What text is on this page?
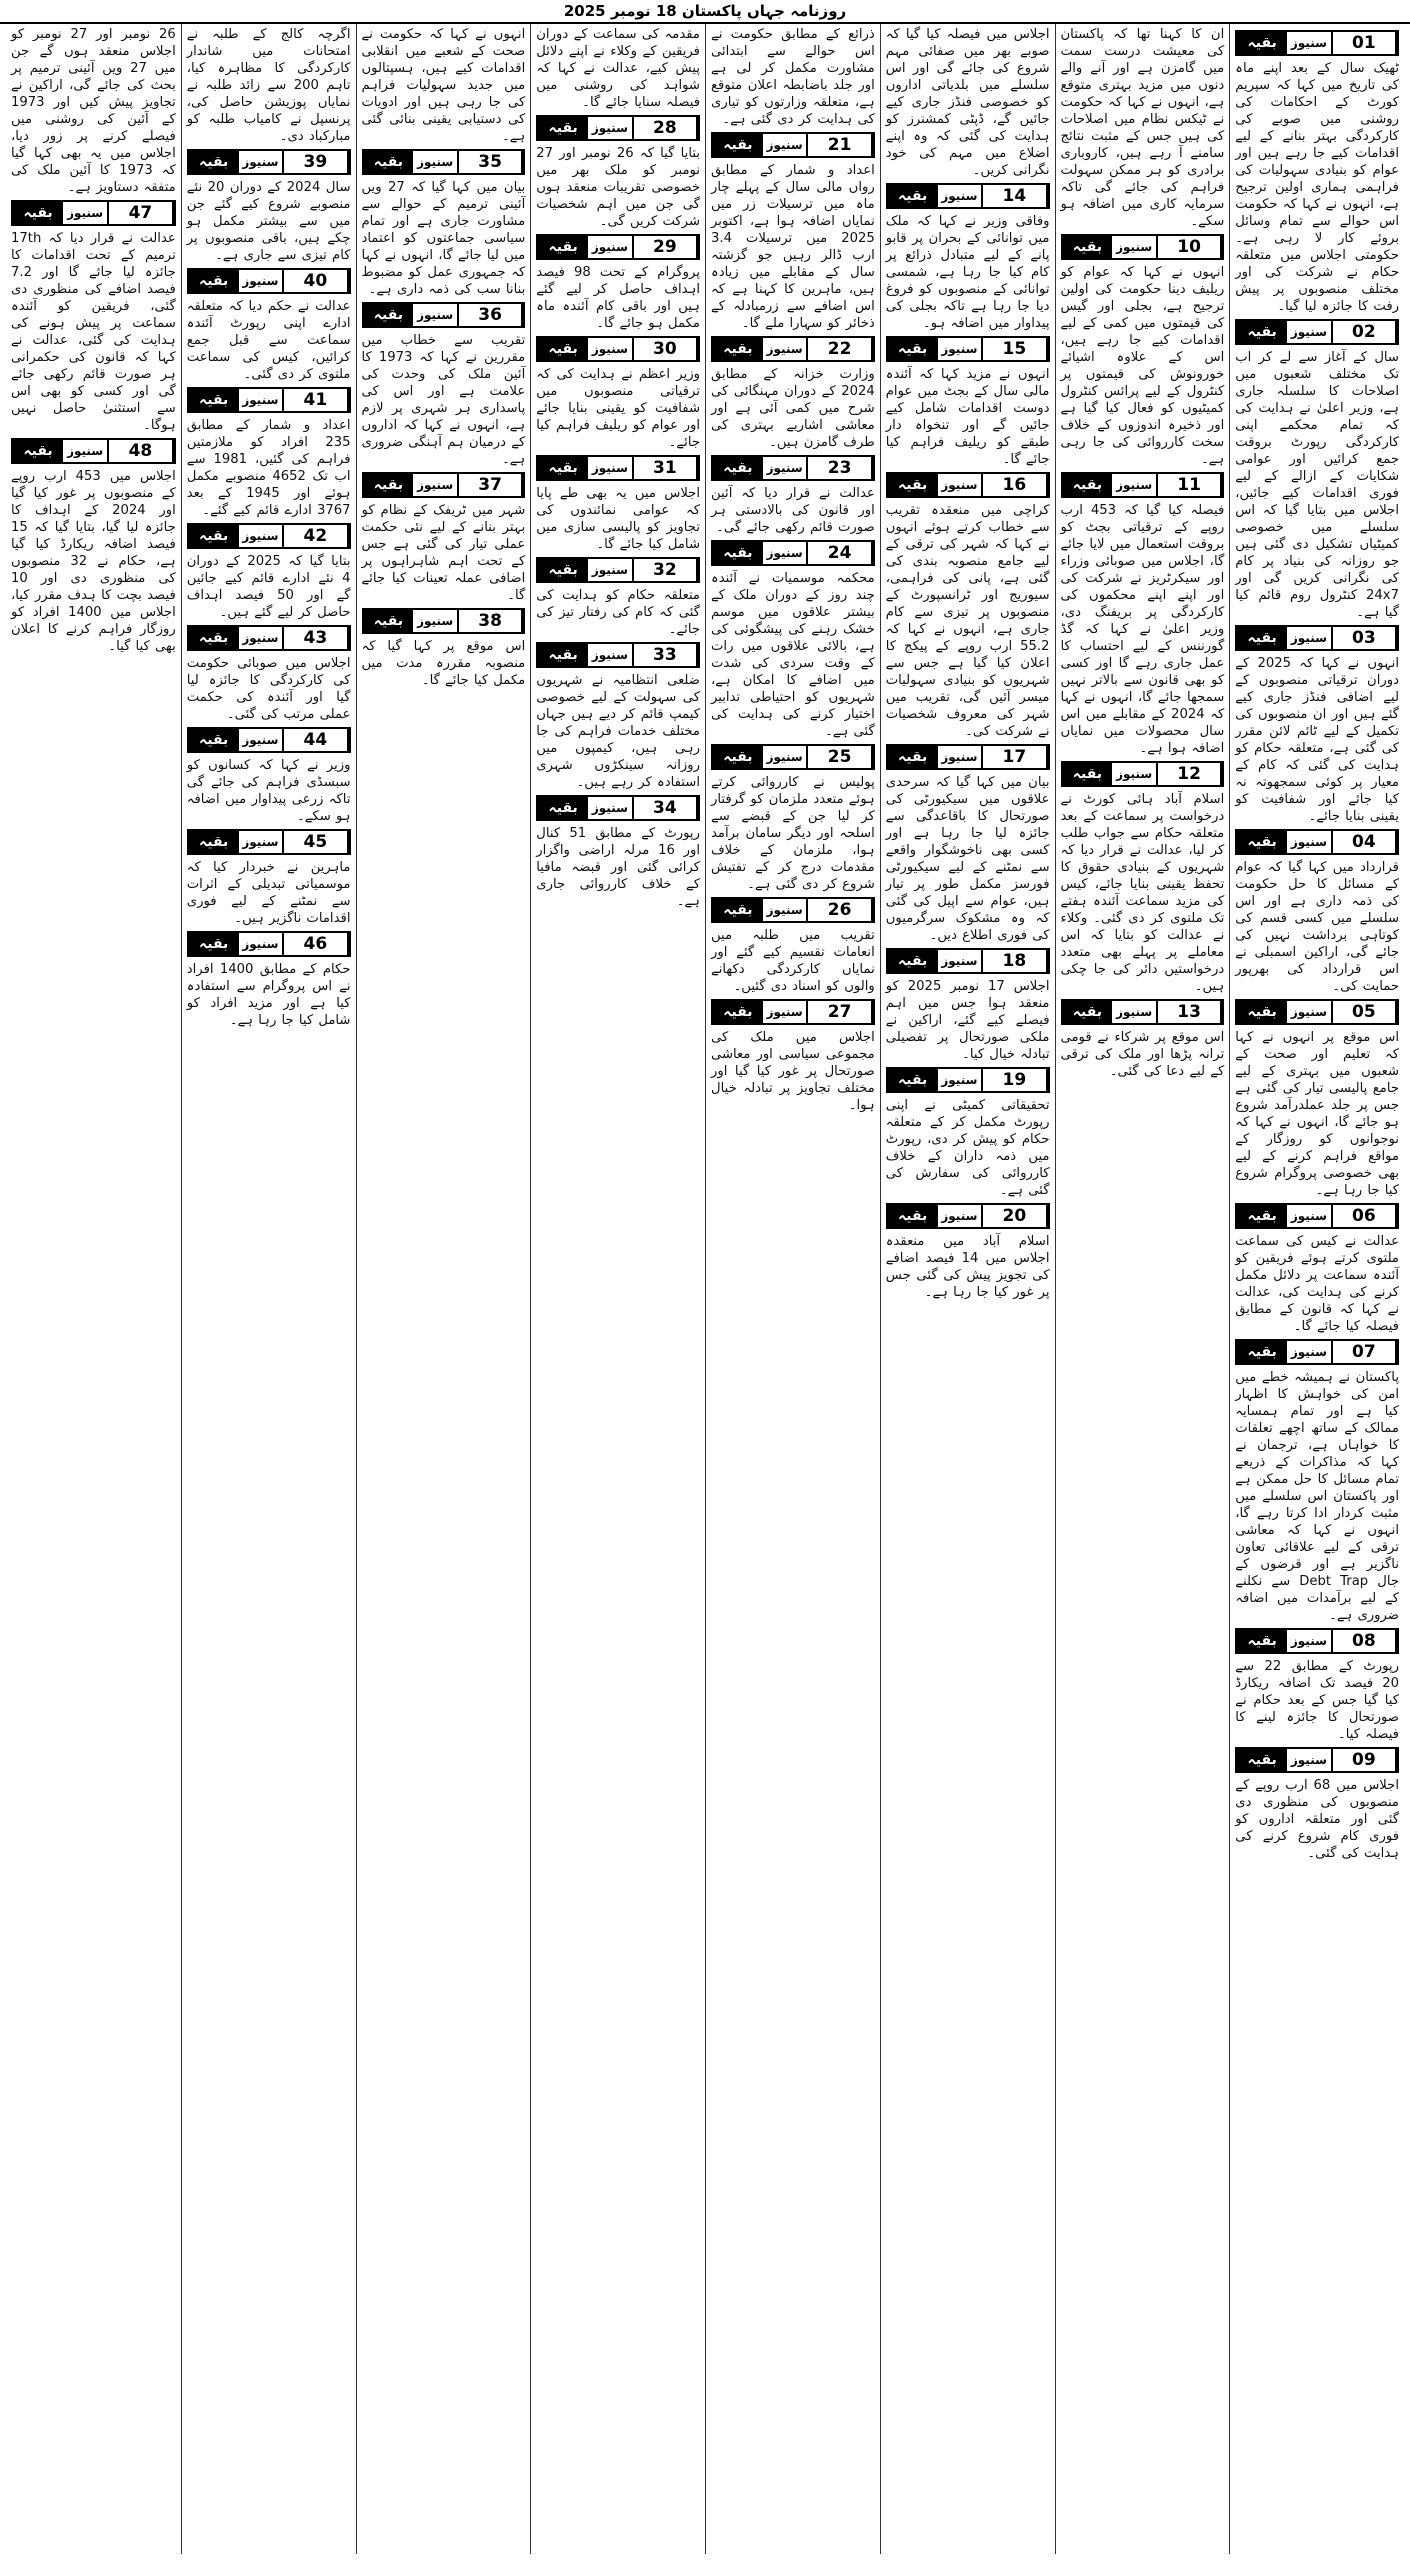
روزنامہ جہاں پاکستان 18 نومبر 2025
01
سنیوز
بقیہ

ٹھیک سال کے بعد اپنے ماہ کی تاریخ میں کہا کہ سپریم کورٹ کے احکامات کی روشنی میں صوبے کی کارکردگی بہتر بنانے کے لیے اقدامات کیے جا رہے ہیں اور عوام کو بنیادی سہولیات کی فراہمی ہماری اولین ترجیح ہے، انہوں نے کہا کہ حکومت اس حوالے سے تمام وسائل بروئے کار لا رہی ہے۔ حکومتی اجلاس میں متعلقہ حکام نے شرکت کی اور مختلف منصوبوں پر پیش رفت کا جائزہ لیا گیا۔

02
سنیوز
بقیہ

سال کے آغاز سے لے کر اب تک مختلف شعبوں میں اصلاحات کا سلسلہ جاری ہے، وزیر اعلیٰ نے ہدایت کی کہ تمام محکمے اپنی کارکردگی رپورٹ بروقت جمع کرائیں اور عوامی شکایات کے ازالے کے لیے فوری اقدامات کیے جائیں، اجلاس میں بتایا گیا کہ اس سلسلے میں خصوصی کمیٹیاں تشکیل دی گئی ہیں جو روزانہ کی بنیاد پر کام کی نگرانی کریں گی اور 24x7 کنٹرول روم قائم کیا گیا ہے۔

03
سنیوز
بقیہ

انہوں نے کہا کہ 2025 کے دوران ترقیاتی منصوبوں کے لیے اضافی فنڈز جاری کیے گئے ہیں اور ان منصوبوں کی تکمیل کے لیے ٹائم لائن مقرر کی گئی ہے، متعلقہ حکام کو ہدایت کی گئی کہ کام کے معیار پر کوئی سمجھوتہ نہ کیا جائے اور شفافیت کو یقینی بنایا جائے۔

04
سنیوز
بقیہ

قرارداد میں کہا گیا کہ عوام کے مسائل کا حل حکومت کی ذمہ داری ہے اور اس سلسلے میں کسی قسم کی کوتاہی برداشت نہیں کی جائے گی، اراکین اسمبلی نے اس قرارداد کی بھرپور حمایت کی۔

05
سنیوز
بقیہ

اس موقع پر انہوں نے کہا کہ تعلیم اور صحت کے شعبوں میں بہتری کے لیے جامع پالیسی تیار کی گئی ہے جس پر جلد عملدرآمد شروع ہو جائے گا، انہوں نے کہا کہ نوجوانوں کو روزگار کے مواقع فراہم کرنے کے لیے بھی خصوصی پروگرام شروع کیا جا رہا ہے۔

06
سنیوز
بقیہ

عدالت نے کیس کی سماعت ملتوی کرتے ہوئے فریقین کو آئندہ سماعت پر دلائل مکمل کرنے کی ہدایت کی، عدالت نے کہا کہ قانون کے مطابق فیصلہ کیا جائے گا۔

07
سنیوز
بقیہ

پاکستان نے ہمیشہ خطے میں امن کی خواہش کا اظہار کیا ہے اور تمام ہمسایہ ممالک کے ساتھ اچھے تعلقات کا خواہاں ہے، ترجمان نے کہا کہ مذاکرات کے ذریعے تمام مسائل کا حل ممکن ہے اور پاکستان اس سلسلے میں مثبت کردار ادا کرتا رہے گا، انہوں نے کہا کہ معاشی ترقی کے لیے علاقائی تعاون ناگزیر ہے اور قرضوں کے جال Debt Trap سے نکلنے کے لیے برآمدات میں اضافہ ضروری ہے۔

08
سنیوز
بقیہ

رپورٹ کے مطابق 22 سے 20 فیصد تک اضافہ ریکارڈ کیا گیا جس کے بعد حکام نے صورتحال کا جائزہ لینے کا فیصلہ کیا۔

09
سنیوز
بقیہ

اجلاس میں 68 ارب روپے کے منصوبوں کی منظوری دی گئی اور متعلقہ اداروں کو فوری کام شروع کرنے کی ہدایت کی گئی۔

ان کا کہنا تھا کہ پاکستان کی معیشت درست سمت میں گامزن ہے اور آنے والے دنوں میں مزید بہتری متوقع ہے، انہوں نے کہا کہ حکومت نے ٹیکس نظام میں اصلاحات کی ہیں جس کے مثبت نتائج سامنے آ رہے ہیں، کاروباری برادری کو ہر ممکن سہولت فراہم کی جائے گی تاکہ سرمایہ کاری میں اضافہ ہو سکے۔

10
سنیوز
بقیہ

انہوں نے کہا کہ عوام کو ریلیف دینا حکومت کی اولین ترجیح ہے، بجلی اور گیس کی قیمتوں میں کمی کے لیے اقدامات کیے جا رہے ہیں، اس کے علاوہ اشیائے خورونوش کی قیمتوں پر کنٹرول کے لیے پرائس کنٹرول کمیٹیوں کو فعال کیا گیا ہے اور ذخیرہ اندوزوں کے خلاف سخت کارروائی کی جا رہی ہے۔

11
سنیوز
بقیہ

فیصلہ کیا گیا کہ 453 ارب روپے کے ترقیاتی بجٹ کو بروقت استعمال میں لایا جائے گا، اجلاس میں صوبائی وزراء اور سیکرٹریز نے شرکت کی اور اپنے اپنے محکموں کی کارکردگی پر بریفنگ دی، وزیر اعلیٰ نے کہا کہ گڈ گورننس کے لیے احتساب کا عمل جاری رہے گا اور کسی کو بھی قانون سے بالاتر نہیں سمجھا جائے گا، انہوں نے کہا کہ 2024 کے مقابلے میں اس سال محصولات میں نمایاں اضافہ ہوا ہے۔

12
سنیوز
بقیہ

اسلام آباد ہائی کورٹ نے درخواست پر سماعت کے بعد متعلقہ حکام سے جواب طلب کر لیا، عدالت نے قرار دیا کہ شہریوں کے بنیادی حقوق کا تحفظ یقینی بنایا جائے، کیس کی مزید سماعت آئندہ ہفتے تک ملتوی کر دی گئی۔ وکلاء نے عدالت کو بتایا کہ اس معاملے پر پہلے بھی متعدد درخواستیں دائر کی جا چکی ہیں۔

13
سنیوز
بقیہ

اس موقع پر شرکاء نے قومی ترانہ پڑھا اور ملک کی ترقی کے لیے دعا کی گئی۔

اجلاس میں فیصلہ کیا گیا کہ صوبے بھر میں صفائی مہم شروع کی جائے گی اور اس سلسلے میں بلدیاتی اداروں کو خصوصی فنڈز جاری کیے جائیں گے، ڈپٹی کمشنرز کو ہدایت کی گئی کہ وہ اپنے اضلاع میں مہم کی خود نگرانی کریں۔

14
سنیوز
بقیہ

وفاقی وزیر نے کہا کہ ملک میں توانائی کے بحران پر قابو پانے کے لیے متبادل ذرائع پر کام کیا جا رہا ہے، شمسی توانائی کے منصوبوں کو فروغ دیا جا رہا ہے تاکہ بجلی کی پیداوار میں اضافہ ہو۔

15
سنیوز
بقیہ

انہوں نے مزید کہا کہ آئندہ مالی سال کے بجٹ میں عوام دوست اقدامات شامل کیے جائیں گے اور تنخواہ دار طبقے کو ریلیف فراہم کیا جائے گا۔

16
سنیوز
بقیہ

کراچی میں منعقدہ تقریب سے خطاب کرتے ہوئے انہوں نے کہا کہ شہر کی ترقی کے لیے جامع منصوبہ بندی کی گئی ہے، پانی کی فراہمی، سیوریج اور ٹرانسپورٹ کے منصوبوں پر تیزی سے کام جاری ہے، انہوں نے کہا کہ 55.2 ارب روپے کے پیکج کا اعلان کیا گیا ہے جس سے شہریوں کو بنیادی سہولیات میسر آئیں گی، تقریب میں شہر کی معروف شخصیات نے شرکت کی۔

17
سنیوز
بقیہ

بیان میں کہا گیا کہ سرحدی علاقوں میں سیکیورٹی کی صورتحال کا باقاعدگی سے جائزہ لیا جا رہا ہے اور کسی بھی ناخوشگوار واقعے سے نمٹنے کے لیے سیکیورٹی فورسز مکمل طور پر تیار ہیں، عوام سے اپیل کی گئی کہ وہ مشکوک سرگرمیوں کی فوری اطلاع دیں۔

18
سنیوز
بقیہ

اجلاس 17 نومبر 2025 کو منعقد ہوا جس میں اہم فیصلے کیے گئے، اراکین نے ملکی صورتحال پر تفصیلی تبادلہ خیال کیا۔

19
سنیوز
بقیہ

تحقیقاتی کمیٹی نے اپنی رپورٹ مکمل کر کے متعلقہ حکام کو پیش کر دی، رپورٹ میں ذمہ داران کے خلاف کارروائی کی سفارش کی گئی ہے۔

20
سنیوز
بقیہ

اسلام آباد میں منعقدہ اجلاس میں 14 فیصد اضافے کی تجویز پیش کی گئی جس پر غور کیا جا رہا ہے۔

ذرائع کے مطابق حکومت نے اس حوالے سے ابتدائی مشاورت مکمل کر لی ہے اور جلد باضابطہ اعلان متوقع ہے، متعلقہ وزارتوں کو تیاری کی ہدایت کر دی گئی ہے۔

21
سنیوز
بقیہ

اعداد و شمار کے مطابق رواں مالی سال کے پہلے چار ماہ میں ترسیلات زر میں نمایاں اضافہ ہوا ہے، اکتوبر 2025 میں ترسیلات 3.4 ارب ڈالر رہیں جو گزشتہ سال کے مقابلے میں زیادہ ہیں، ماہرین کا کہنا ہے کہ اس اضافے سے زرمبادلہ کے ذخائر کو سہارا ملے گا۔

22
سنیوز
بقیہ

وزارت خزانہ کے مطابق 2024 کے دوران مہنگائی کی شرح میں کمی آئی ہے اور معاشی اشاریے بہتری کی طرف گامزن ہیں۔

23
سنیوز
بقیہ

عدالت نے قرار دیا کہ آئین اور قانون کی بالادستی ہر صورت قائم رکھی جائے گی۔

24
سنیوز
بقیہ

محکمہ موسمیات نے آئندہ چند روز کے دوران ملک کے بیشتر علاقوں میں موسم خشک رہنے کی پیشگوئی کی ہے، بالائی علاقوں میں رات کے وقت سردی کی شدت میں اضافے کا امکان ہے، شہریوں کو احتیاطی تدابیر اختیار کرنے کی ہدایت کی گئی ہے۔

25
سنیوز
بقیہ

پولیس نے کارروائی کرتے ہوئے متعدد ملزمان کو گرفتار کر لیا جن کے قبضے سے اسلحہ اور دیگر سامان برآمد ہوا، ملزمان کے خلاف مقدمات درج کر کے تفتیش شروع کر دی گئی ہے۔

26
سنیوز
بقیہ

تقریب میں طلبہ میں انعامات تقسیم کیے گئے اور نمایاں کارکردگی دکھانے والوں کو اسناد دی گئیں۔

27
سنیوز
بقیہ

اجلاس میں ملک کی مجموعی سیاسی اور معاشی صورتحال پر غور کیا گیا اور مختلف تجاویز پر تبادلہ خیال ہوا۔

مقدمہ کی سماعت کے دوران فریقین کے وکلاء نے اپنے دلائل پیش کیے، عدالت نے کہا کہ شواہد کی روشنی میں فیصلہ سنایا جائے گا۔

28
سنیوز
بقیہ

بتایا گیا کہ 26 نومبر اور 27 نومبر کو ملک بھر میں خصوصی تقریبات منعقد ہوں گی جن میں اہم شخصیات شرکت کریں گی۔

29
سنیوز
بقیہ

پروگرام کے تحت 98 فیصد اہداف حاصل کر لیے گئے ہیں اور باقی کام آئندہ ماہ مکمل ہو جائے گا۔

30
سنیوز
بقیہ

وزیر اعظم نے ہدایت کی کہ ترقیاتی منصوبوں میں شفافیت کو یقینی بنایا جائے اور عوام کو ریلیف فراہم کیا جائے۔

31
سنیوز
بقیہ

اجلاس میں یہ بھی طے پایا کہ عوامی نمائندوں کی تجاویز کو پالیسی سازی میں شامل کیا جائے گا۔

32
سنیوز
بقیہ

متعلقہ حکام کو ہدایت کی گئی کہ کام کی رفتار تیز کی جائے۔

33
سنیوز
بقیہ

ضلعی انتظامیہ نے شہریوں کی سہولت کے لیے خصوصی کیمپ قائم کر دیے ہیں جہاں مختلف خدمات فراہم کی جا رہی ہیں، کیمپوں میں روزانہ سینکڑوں شہری استفادہ کر رہے ہیں۔

34
سنیوز
بقیہ

رپورٹ کے مطابق 51 کنال اور 16 مرلہ اراضی واگزار کرائی گئی اور قبضہ مافیا کے خلاف کارروائی جاری ہے۔

انہوں نے کہا کہ حکومت نے صحت کے شعبے میں انقلابی اقدامات کیے ہیں، ہسپتالوں میں جدید سہولیات فراہم کی جا رہی ہیں اور ادویات کی دستیابی یقینی بنائی گئی ہے۔

35
سنیوز
بقیہ

بیان میں کہا گیا کہ 27 ویں آئینی ترمیم کے حوالے سے مشاورت جاری ہے اور تمام سیاسی جماعتوں کو اعتماد میں لیا جائے گا، انہوں نے کہا کہ جمہوری عمل کو مضبوط بنانا سب کی ذمہ داری ہے۔

36
سنیوز
بقیہ

تقریب سے خطاب میں مقررین نے کہا کہ 1973 کا آئین ملک کی وحدت کی علامت ہے اور اس کی پاسداری ہر شہری پر لازم ہے، انہوں نے کہا کہ اداروں کے درمیان ہم آہنگی ضروری ہے۔

37
سنیوز
بقیہ

شہر میں ٹریفک کے نظام کو بہتر بنانے کے لیے نئی حکمت عملی تیار کی گئی ہے جس کے تحت اہم شاہراہوں پر اضافی عملہ تعینات کیا جائے گا۔

38
سنیوز
بقیہ

اس موقع پر کہا گیا کہ منصوبہ مقررہ مدت میں مکمل کیا جائے گا۔

اگرچہ کالج کے طلبہ نے امتحانات میں شاندار کارکردگی کا مظاہرہ کیا، تاہم 200 سے زائد طلبہ نے نمایاں پوزیشن حاصل کی، پرنسپل نے کامیاب طلبہ کو مبارکباد دی۔

39
سنیوز
بقیہ

سال 2024 کے دوران 20 نئے منصوبے شروع کیے گئے جن میں سے بیشتر مکمل ہو چکے ہیں، باقی منصوبوں پر کام تیزی سے جاری ہے۔

40
سنیوز
بقیہ

عدالت نے حکم دیا کہ متعلقہ ادارے اپنی رپورٹ آئندہ سماعت سے قبل جمع کرائیں، کیس کی سماعت ملتوی کر دی گئی۔

41
سنیوز
بقیہ

اعداد و شمار کے مطابق 235 افراد کو ملازمتیں فراہم کی گئیں، 1981 سے اب تک 4652 منصوبے مکمل ہوئے اور 1945 کے بعد 3767 ادارے قائم کیے گئے۔

42
سنیوز
بقیہ

بتایا گیا کہ 2025 کے دوران 4 نئے ادارے قائم کیے جائیں گے اور 50 فیصد اہداف حاصل کر لیے گئے ہیں۔

43
سنیوز
بقیہ

اجلاس میں صوبائی حکومت کی کارکردگی کا جائزہ لیا گیا اور آئندہ کی حکمت عملی مرتب کی گئی۔

44
سنیوز
بقیہ

وزیر نے کہا کہ کسانوں کو سبسڈی فراہم کی جائے گی تاکہ زرعی پیداوار میں اضافہ ہو سکے۔

45
سنیوز
بقیہ

ماہرین نے خبردار کیا کہ موسمیاتی تبدیلی کے اثرات سے نمٹنے کے لیے فوری اقدامات ناگزیر ہیں۔

46
سنیوز
بقیہ

حکام کے مطابق 1400 افراد نے اس پروگرام سے استفادہ کیا ہے اور مزید افراد کو شامل کیا جا رہا ہے۔

26 نومبر اور 27 نومبر کو اجلاس منعقد ہوں گے جن میں 27 ویں آئینی ترمیم پر بحث کی جائے گی، اراکین نے تجاویز پیش کیں اور 1973 کے آئین کی روشنی میں فیصلے کرنے پر زور دیا، اجلاس میں یہ بھی کہا گیا کہ 1973 کا آئین ملک کی متفقہ دستاویز ہے۔

47
سنیوز
بقیہ

عدالت نے قرار دیا کہ 17th ترمیم کے تحت اقدامات کا جائزہ لیا جائے گا اور 7.2 فیصد اضافے کی منظوری دی گئی، فریقین کو آئندہ سماعت پر پیش ہونے کی ہدایت کی گئی، عدالت نے کہا کہ قانون کی حکمرانی ہر صورت قائم رکھی جائے گی اور کسی کو بھی اس سے استثنیٰ حاصل نہیں ہوگا۔

48
سنیوز
بقیہ

اجلاس میں 453 ارب روپے کے منصوبوں پر غور کیا گیا اور 2024 کے اہداف کا جائزہ لیا گیا، بتایا گیا کہ 15 فیصد اضافہ ریکارڈ کیا گیا ہے، حکام نے 32 منصوبوں کی منظوری دی اور 10 فیصد بچت کا ہدف مقرر کیا، اجلاس میں 1400 افراد کو روزگار فراہم کرنے کا اعلان بھی کیا گیا۔
